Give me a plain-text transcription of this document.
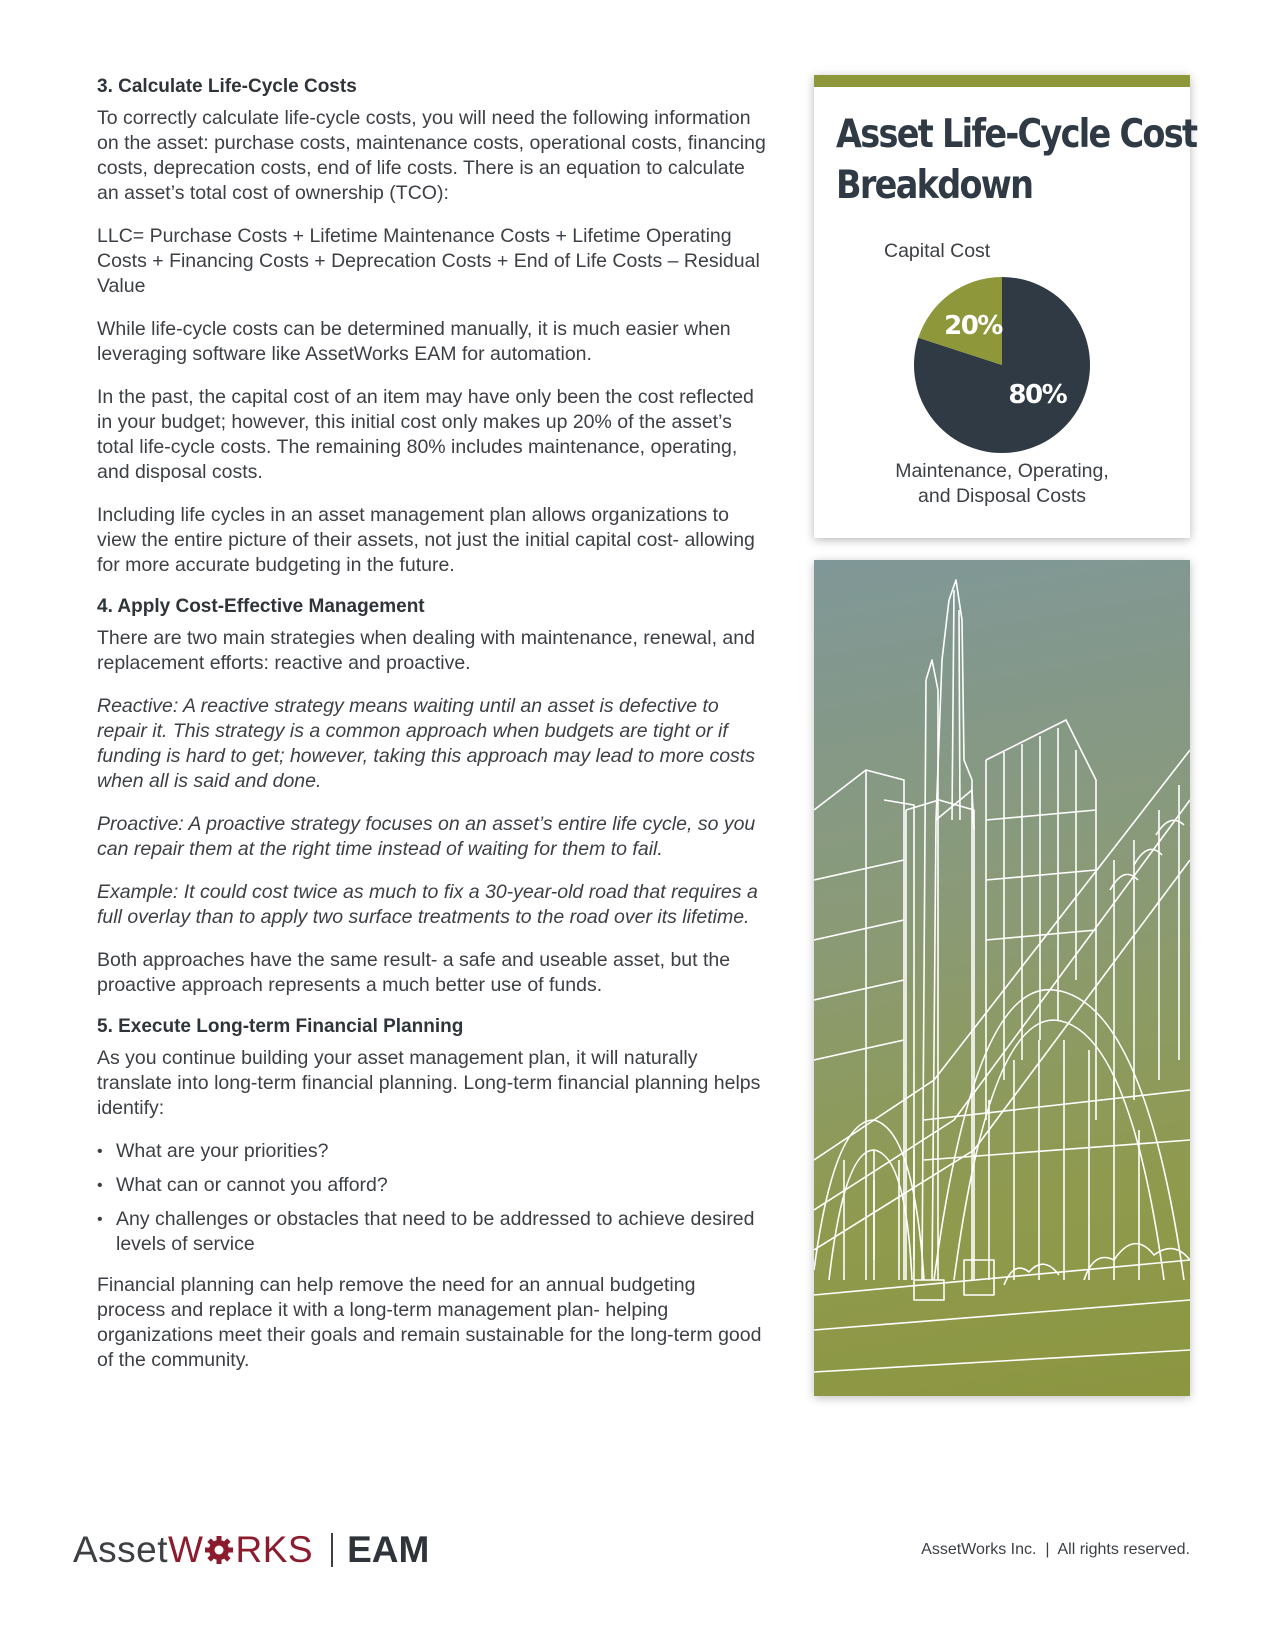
3. Calculate Life-Cycle Costs

To correctly calculate life-cycle costs, you will need the following information on the asset: purchase costs, maintenance costs, operational costs, financing costs, deprecation costs, end of life costs. There is an equation to calculate an asset’s total cost of ownership (TCO):

LLC= Purchase Costs + Lifetime Maintenance Costs + Lifetime Operating Costs + Financing Costs + Deprecation Costs + End of Life Costs – Residual Value

While life-cycle costs can be determined manually, it is much easier when leveraging software like AssetWorks EAM for automation.

In the past, the capital cost of an item may have only been the cost reflected in your budget; however, this initial cost only makes up 20% of the asset’s total life-cycle costs. The remaining 80% includes maintenance, operating, and disposal costs.

Including life cycles in an asset management plan allows organizations to view the entire picture of their assets, not just the initial capital cost- allowing for more accurate budgeting in the future.

4. Apply Cost-Effective Management

There are two main strategies when dealing with maintenance, renewal, and replacement efforts: reactive and proactive.

Reactive: A reactive strategy means waiting until an asset is defective to repair it. This strategy is a common approach when budgets are tight or if funding is hard to get; however, taking this approach may lead to more costs when all is said and done.

Proactive: A proactive strategy focuses on an asset’s entire life cycle, so you can repair them at the right time instead of waiting for them to fail.

Example: It could cost twice as much to fix a 30-year-old road that requires a full overlay than to apply two surface treatments to the road over its lifetime.

Both approaches have the same result- a safe and useable asset, but the proactive approach represents a much better use of funds.

5. Execute Long-term Financial Planning

As you continue building your asset management plan, it will naturally translate into long-term financial planning. Long-term financial planning helps identify:

• What are your priorities?
• What can or cannot you afford?
• Any challenges or obstacles that need to be addressed to achieve desired levels of service

Financial planning can help remove the need for an annual budgeting process and replace it with a long-term management plan- helping organizations meet their goals and remain sustainable for the long-term good of the community.

Asset Life-Cycle Cost
Breakdown
Capital Cost
20%
80%
Maintenance, Operating,
and Disposal Costs
Asset W RKS EAM	AssetWorks Inc.  |  All rights reserved.
